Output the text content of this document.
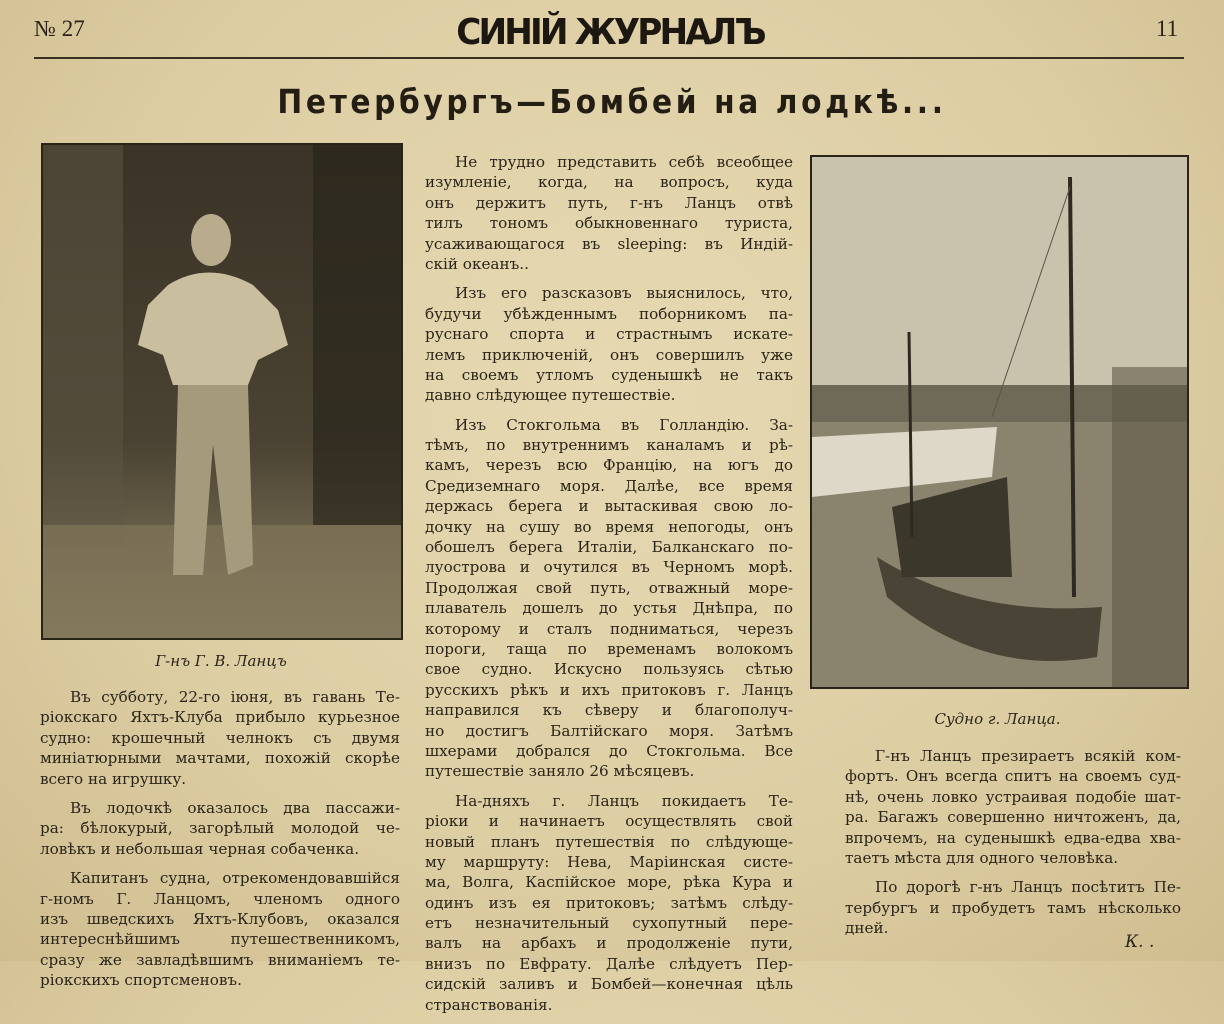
№ 27	СИНІЙ ЖУРНАЛЪ	11
Петербургъ—Бомбей на лодкѣ...
Г-нъ Г. В. Ланцъ
Судно г. Ланца.
Въ субботу, 22-го іюня, въ гавань Те-
ріокскаго Яхтъ-Клуба прибыло курьезное
судно: крошечный челнокъ съ двумя
миніатюрными мачтами, похожій скорѣе
всего на игрушку.
Въ лодочкѣ оказалось два пассажи-
ра: бѣлокурый, загорѣлый молодой че-
ловѣкъ и небольшая черная собаченка.
Капитанъ судна, отрекомендовавшійся
г-номъ Г. Ланцомъ, членомъ одного
изъ шведскихъ Яхтъ-Клубовъ, оказался
интереснѣйшимъ путешественникомъ,
сразу же завладѣвшимъ вниманіемъ те-
ріокскихъ спортсменовъ.
Не трудно представить себѣ всеобщее
изумленіе, когда, на вопросъ, куда
онъ держитъ путь, г-нъ Ланцъ отвѣ
тилъ тономъ обыкновеннаго туриста,
усаживающагося въ sleeping: въ Индій-
скій океанъ..
Изъ его разсказовъ выяснилось, что,
будучи убѣжденнымъ поборникомъ па-
руснаго спорта и страстнымъ искате-
лемъ приключеній, онъ совершилъ уже
на своемъ утломъ суденышкѣ не такъ
давно слѣдующее путешествіе.
Изъ Стокгольма въ Голландію. За-
тѣмъ, по внутреннимъ каналамъ и рѣ-
камъ, черезъ всю Францію, на югъ до
Средиземнаго моря. Далѣе, все время
держась берега и вытаскивая свою ло-
дочку на сушу во время непогоды, онъ
обошелъ берега Италіи, Балканскаго по-
луострова и очутился въ Черномъ морѣ.
Продолжая свой путь, отважный море-
плаватель дошелъ до устья Днѣпра, по
которому и сталъ подниматься, черезъ
пороги, таща по временамъ волокомъ
свое судно. Искусно пользуясь сѣтью
русскихъ рѣкъ и ихъ притоковъ г. Ланцъ
направился къ сѣверу и благополуч-
но достигъ Балтійскаго моря. Затѣмъ
шхерами добрался до Стокгольма. Все
путешествіе заняло 26 мѣсяцевъ.
На-дняхъ г. Ланцъ покидаетъ Те-
ріоки и начинаетъ осуществлять свой
новый планъ путешествія по слѣдующе-
му маршруту: Нева, Маріинская систе-
ма, Волга, Каспійское море, рѣка Кура и
одинъ изъ ея притоковъ; затѣмъ слѣду-
етъ незначительный сухопутный пере-
валъ на арбахъ и продолженіе пути,
внизъ по Евфрату. Далѣе слѣдуетъ Пер-
сидскій заливъ и Бомбей—конечная цѣль
странствованія.
Г-нъ Ланцъ презираетъ всякій ком-
фортъ. Онъ всегда спитъ на своемъ суд-
нѣ, очень ловко устраивая подобіе шат-
ра. Багажъ совершенно ничтоженъ, да,
впрочемъ, на суденышкѣ едва-едва хва-
таетъ мѣста для одного человѣка.
По дорогѣ г-нъ Ланцъ посѣтитъ Пе-
тербургъ и пробудетъ тамъ нѣсколько
дней.
К. .
